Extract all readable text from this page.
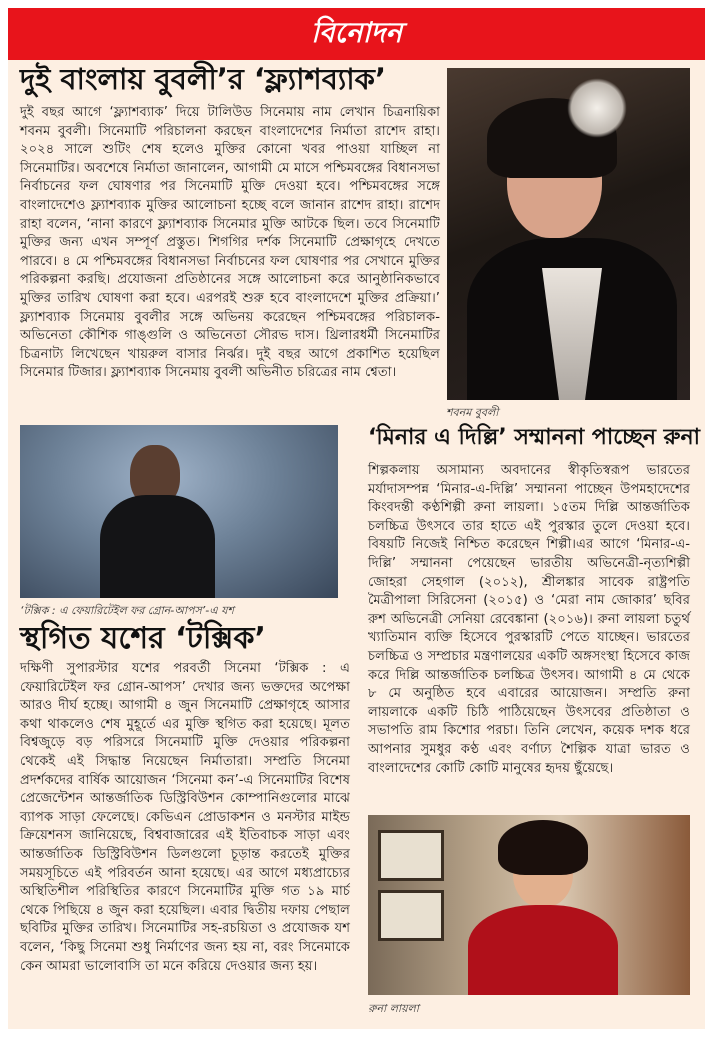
বিনোদন
দুই বাংলায় বুবলী’র ‘ফ্ল্যাশব্যাক’
দুই বছর আগে ‘ফ্ল্যাশব্যাক’ দিয়ে টালিউড সিনেমায় নাম লেখান চিত্রনায়িকা শবনম বুবলী। সিনেমাটি পরিচালনা করছেন বাংলাদেশের নির্মাতা রাশেদ রাহা। ২০২৪ সালে শুটিং শেষ হলেও মুক্তির কোনো খবর পাওয়া যাচ্ছিল না সিনেমাটির। অবশেষে নির্মাতা জানালেন, আগামী মে মাসে পশ্চিমবঙ্গের বিধানসভা নির্বাচনের ফল ঘোষণার পর সিনেমাটি মুক্তি দেওয়া হবে। পশ্চিমবঙ্গের সঙ্গে বাংলাদেশেও ফ্ল্যাশব্যাক মুক্তির আলোচনা হচ্ছে বলে জানান রাশেদ রাহা। রাশেদ রাহা বলেন, ‘নানা কারণে ফ্ল্যাশব্যাক সিনেমার মুক্তি আটকে ছিল। তবে সিনেমাটি মুক্তির জন্য এখন সম্পূর্ণ প্রস্তুত। শিগগির দর্শক সিনেমাটি প্রেক্ষাগৃহে দেখতে পারবে। ৪ মে পশ্চিমবঙ্গের বিধানসভা নির্বাচনের ফল ঘোষণার পর সেখানে মুক্তির পরিকল্পনা করছি। প্রযোজনা প্রতিষ্ঠানের সঙ্গে আলোচনা করে আনুষ্ঠানিকভাবে মুক্তির তারিখ ঘোষণা করা হবে। এরপরই শুরু হবে বাংলাদেশে মুক্তির প্রক্রিয়া।’ ফ্ল্যাশব্যাক সিনেমায় বুবলীর সঙ্গে অভিনয় করেছেন পশ্চিমবঙ্গের পরিচালক-অভিনেতা কৌশিক গাঙ্গুলি ও অভিনেতা সৌরভ দাস। থ্রিলারধর্মী সিনেমাটির চিত্রনাট্য লিখেছেন খায়রুল বাসার নির্ঝর। দুই বছর আগে প্রকাশিত হয়েছিল সিনেমার টিজার। ফ্ল্যাশব্যাক সিনেমায় বুবলী অভিনীত চরিত্রের নাম শ্বেতা।
শবনম বুবলী
‘টক্সিক : এ ফেয়ারিটেইল ফর গ্রোন-আপস’-এ যশ
স্থগিত যশের ‘টক্সিক’
দক্ষিণী সুপারস্টার যশের পরবর্তী সিনেমা ‘টক্সিক : এ ফেয়ারিটেইল ফর গ্রোন-আপস’ দেখার জন্য ভক্তদের অপেক্ষা আরও দীর্ঘ হচ্ছে। আগামী ৪ জুন সিনেমাটি প্রেক্ষাগৃহে আসার কথা থাকলেও শেষ মুহূর্তে এর মুক্তি স্থগিত করা হয়েছে। মূলত বিশ্বজুড়ে বড় পরিসরে সিনেমাটি মুক্তি দেওয়ার পরিকল্পনা থেকেই এই সিদ্ধান্ত নিয়েছেন নির্মাতারা। সম্প্রতি সিনেমা প্রদর্শকদের বার্ষিক আয়োজন ‘সিনেমা কন’-এ সিনেমাটির বিশেষ প্রেজেন্টেশন আন্তর্জাতিক ডিস্ট্রিবিউশন কোম্পানিগুলোর মাঝে ব্যাপক সাড়া ফেলেছে। কেভিএন প্রোডাকশন ও মনস্টার মাইন্ড ক্রিয়েশনস জানিয়েছে, বিশ্ববাজারের এই ইতিবাচক সাড়া এবং আন্তর্জাতিক ডিস্ট্রিবিউশন ডিলগুলো চূড়ান্ত করতেই মুক্তির সময়সূচিতে এই পরিবর্তন আনা হয়েছে। এর আগে মধ্যপ্রাচ্যের অস্থিতিশীল পরিস্থিতির কারণে সিনেমাটির মুক্তি গত ১৯ মার্চ থেকে পিছিয়ে ৪ জুন করা হয়েছিল। এবার দ্বিতীয় দফায় পেছাল ছবিটির মুক্তির তারিখ। সিনেমাটির সহ-রচয়িতা ও প্রযোজক যশ বলেন, ‘কিছু সিনেমা শুধু নির্মাণের জন্য হয় না, বরং সিনেমাকে কেন আমরা ভালোবাসি তা মনে করিয়ে দেওয়ার জন্য হয়।
‘মিনার এ দিল্লি’ সম্মাননা পাচ্ছেন রুনা
শিল্পকলায় অসামান্য অবদানের স্বীকৃতিস্বরূপ ভারতের মর্যাদাসম্পন্ন ‘মিনার-এ-দিল্লি’ সম্মাননা পাচ্ছেন উপমহাদেশের কিংবদন্তী কণ্ঠশিল্পী রুনা লায়লা। ১৫তম দিল্লি আন্তর্জাতিক চলচ্চিত্র উৎসবে তার হাতে এই পুরস্কার তুলে দেওয়া হবে। বিষয়টি নিজেই নিশ্চিত করেছেন শিল্পী।এর আগে ‘মিনার-এ-দিল্লি’ সম্মাননা পেয়েছেন ভারতীয় অভিনেত্রী-নৃত্যশিল্পী জোহরা সেহগাল (২০১২), শ্রীলঙ্কার সাবেক রাষ্ট্রপতি মৈত্রীপালা সিরিসেনা (২০১৫) ও ‘মেরা নাম জোকার’ ছবির রুশ অভিনেত্রী সেনিয়া রেবেঙ্কানা (২০১৬)। রুনা লায়লা চতুর্থ খ্যাতিমান ব্যক্তি হিসেবে পুরস্কারটি পেতে যাচ্ছেন। ভারতের চলচ্চিত্র ও সম্প্রচার মন্ত্রণালয়ের একটি অঙ্গসংস্থা হিসেবে কাজ করে দিল্লি আন্তর্জাতিক চলচ্চিত্র উৎসব। আগামী ৪ মে থেকে ৮ মে অনুষ্ঠিত হবে এবারের আয়োজন। সম্প্রতি রুনা লায়লাকে একটি চিঠি পাঠিয়েছেন উৎসবের প্রতিষ্ঠাতা ও সভাপতি রাম কিশোর পরচা। তিনি লেখেন, কয়েক দশক ধরে আপনার সুমধুর কণ্ঠ এবং বর্ণাঢ্য শৈল্পিক যাত্রা ভারত ও বাংলাদেশের কোটি কোটি মানুষের হৃদয় ছুঁয়েছে।
রুনা লায়লা
